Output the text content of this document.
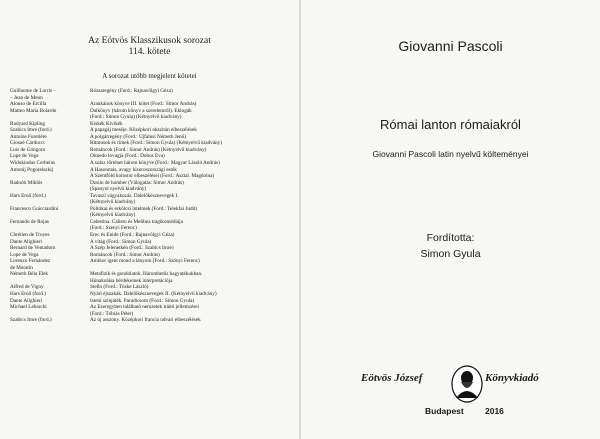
Az Eötvös Klasszikusok sorozat
114. kötete
A sorozat utóbb megjelent kötetei
Guillaume de Lorris –	Rózsaregény (Ford.: Rajnavölgyi Géza)
– Jean de Meun
Alonso de Ercilla	Araukánok könyve III. kötet (Ford.: Simor András)
Matteo Maria Boiardo	Dalkönyv (három könyv a szerelemről). Eklogák
(Ford.: Simon Gyula) (Kétnyelvű kiadvány)
Rudyard Kipling	Kiskék Kivikék
Szabics Imre (ford.)	A papagáj meséje. Középkori okszitán elbeszélések
Antoine Furetière	A polgárregény (Ford.: Ujfalusi Németh Jenő)
Giosuè Carducci	Ritmusok és rímek (Ford.: Simon Gyula) (Kétnyelvű kiadvány)
Luis de Góngora	Románcok (Ford.: Simor András) (Kétnyelvű kiadvány)
Lope de Vega	Olmedo lovagja (Ford.: Dobos Éva)
Widukindus Corbeius	A szász történet három könyve (Ford.: Magyar László András)
Antonij Pogorelszkij	A Hasonmás, avagy kisoroszországi esték
A Szentföld kolostor elbeszélései (Ford.: Asztal. Magdolna)
Radnóti Miklós	Dzsiin de homber (Válogatás: Simor András)
(Spanyol nyelvű kiadvány)
Hars Ernő (ford.)	Tavaszi vágyakozás. Dalelőkésznevegek I.
(Kétnyelvű kiadvány)
Francesco Guicciardini	Politikai és erkölcsi intelmek (Ford.: Telekfai Judit)
(Kétnyelvű kiadvány)
Fernando de Rojas	Celestina. Calisto és Melibea tragikomédiája
(Ford.: Szenyi Ferenc)
Chrétien de Troyes	Erec és Enide (Ford.: Rajnavölgyi Géza)
Dante Alighieri	A vitag (Ford.: Simon Gyula)
Bernard de Ventadorn	A Szép Jelenetkén (Ford.: Szabics Imre)
Lope de Vega	Románcok (Ford.: Simor András)
Lorenzo Fernández	Amikor igent mond a lányom (Ford.: Szőnyi Ferenc)
de Moratín
Németh Béla Elek	Metafizik és gondolatok. Hárombetűs hagyatékukban.
Hónakolása bérdekeinek interpretációja
Alfred de Vigny	Stello (Ford.: Tüske László)
Hars Ernő (ford.)	Nyári éjszakák. Dalelőkésznevegek II. (Kétnyelvű kiadvány)
Dante Alighieri	Isteni színjáték. Paradicsom (Ford.: Simon Gyula)
Michael Lebarchi	Az Ezeregyben található nemzetek iránti jellemzései
(Ford.: Tóbiás Péter)
Szabics Imre (ford.)	Az új asszony. Középkori francia udvari elbeszélések
Giovanni Pascoli
Római lanton rómaiakról
Giovanni Pascoli latin nyelvű költeményei
Fordította:
Simon Gyula
Eötvös József	Könyvkiadó
Budapest	2016
